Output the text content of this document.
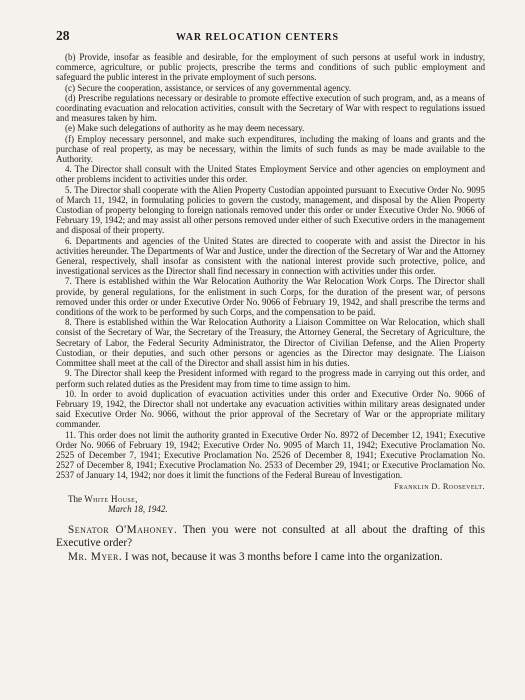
28	WAR RELOCATION CENTERS

(b) Provide, insofar as feasible and desirable, for the employment of such persons at useful work in industry, commerce, agriculture, or public projects, prescribe the terms and conditions of such public employment and safeguard the public interest in the private employment of such persons.

(c) Secure the cooperation, assistance, or services of any governmental agency.

(d) Prescribe regulations necessary or desirable to promote effective execution of such program, and, as a means of coordinating evacuation and relocation activities, consult with the Secretary of War with respect to regulations issued and measures taken by him.

(e) Make such delegations of authority as he may deem necessary.

(f) Employ necessary personnel, and make such expenditures, including the making of loans and grants and the purchase of real property, as may be necessary, within the limits of such funds as may be made available to the Authority.

4. The Director shall consult with the United States Employment Service and other agencies on employment and other problems incident to activities under this order.

5. The Director shall cooperate with the Alien Property Custodian appointed pursuant to Executive Order No. 9095 of March 11, 1942, in formulating policies to govern the custody, management, and disposal by the Alien Property Custodian of property belonging to foreign nationals removed under this order or under Executive Order No. 9066 of February 19, 1942; and may assist all other persons removed under either of such Executive orders in the management and disposal of their property.

6. Departments and agencies of the United States are directed to cooperate with and assist the Director in his activities hereunder. The Departments of War and Justice, under the direction of the Secretary of War and the Attorney General, respectively, shall insofar as consistent with the national interest provide such protective, police, and investigational services as the Director shall find necessary in connection with activities under this order.

7. There is established within the War Relocation Authority the War Relocation Work Corps. The Director shall provide, by general regulations, for the enlistment in such Corps, for the duration of the present war, of persons removed under this order or under Executive Order No. 9066 of February 19, 1942, and shall prescribe the terms and conditions of the work to be performed by such Corps, and the compensation to be paid.

8. There is established within the War Relocation Authority a Liaison Committee on War Relocation, which shall consist of the Secretary of War, the Secretary of the Treasury, the Attorney General, the Secretary of Agriculture, the Secretary of Labor, the Federal Security Administrator, the Director of Civilian Defense, and the Alien Property Custodian, or their deputies, and such other persons or agencies as the Director may designate. The Liaison Committee shall meet at the call of the Director and shall assist him in his duties.

9. The Director shall keep the President informed with regard to the progress made in carrying out this order, and perform such related duties as the President may from time to time assign to him.

10. In order to avoid duplication of evacuation activities under this order and Executive Order No. 9066 of February 19, 1942, the Director shall not undertake any evacuation activities within military areas designated under said Executive Order No. 9066, without the prior approval of the Secretary of War or the appropriate military commander.

11. This order does not limit the authority granted in Executive Order No. 8972 of December 12, 1941; Executive Order No. 9066 of February 19, 1942; Executive Order No. 9095 of March 11, 1942; Executive Proclamation No. 2525 of December 7, 1941; Executive Proclamation No. 2526 of December 8, 1941; Executive Proclamation No. 2527 of December 8, 1941; Executive Proclamation No. 2533 of December 29, 1941; or Executive Proclamation No. 2537 of January 14, 1942; nor does it limit the functions of the Federal Bureau of Investigation.

Franklin D. Roosevelt.
The White House,
March 18, 1942.

Senator O'Mahoney. Then you were not consulted at all about the drafting of this Executive order?

Mr. Myer. I was not, because it was 3 months before I came into the organization.
